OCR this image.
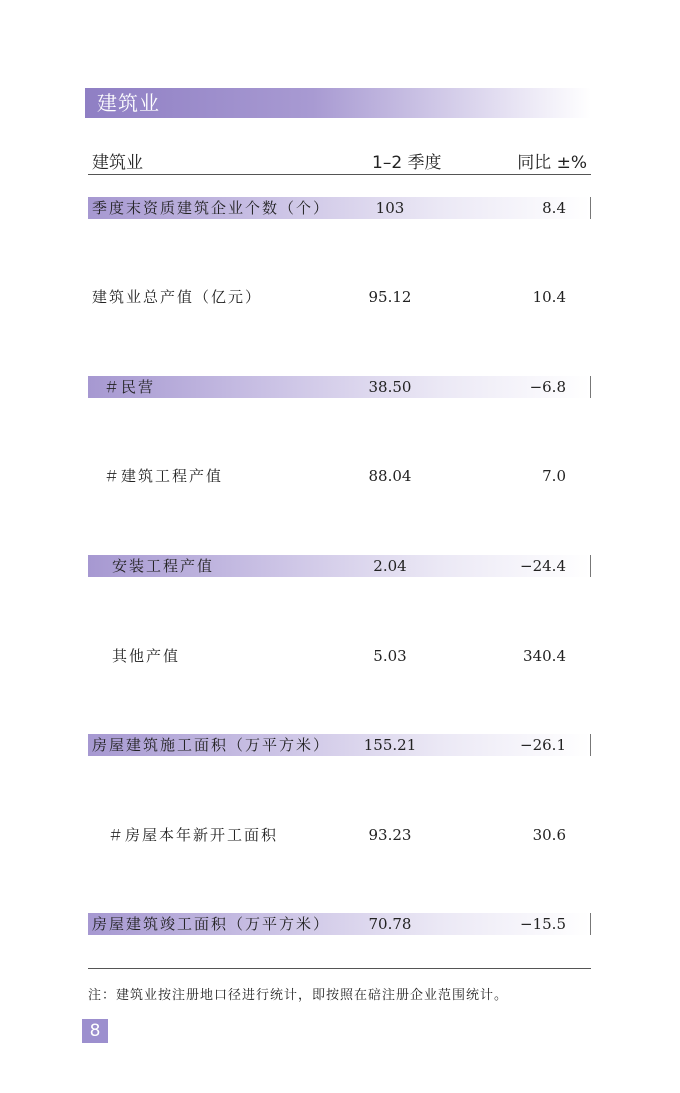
建筑业
建筑业	1–2 季度	同比 ±%
季度末资质建筑企业个数（个）	103	8.4
建筑业总产值（亿元）	95.12	10.4
＃民营	38.50	−6.8
＃建筑工程产值	88.04	7.0
安装工程产值	2.04	−24.4
其他产值	5.03	340.4
房屋建筑施工面积（万平方米）	155.21	−26.1
＃房屋本年新开工面积	93.23	30.6
房屋建筑竣工面积（万平方米）	70.78	−15.5
注：建筑业按注册地口径进行统计，即按照在碚注册企业范围统计。
8
